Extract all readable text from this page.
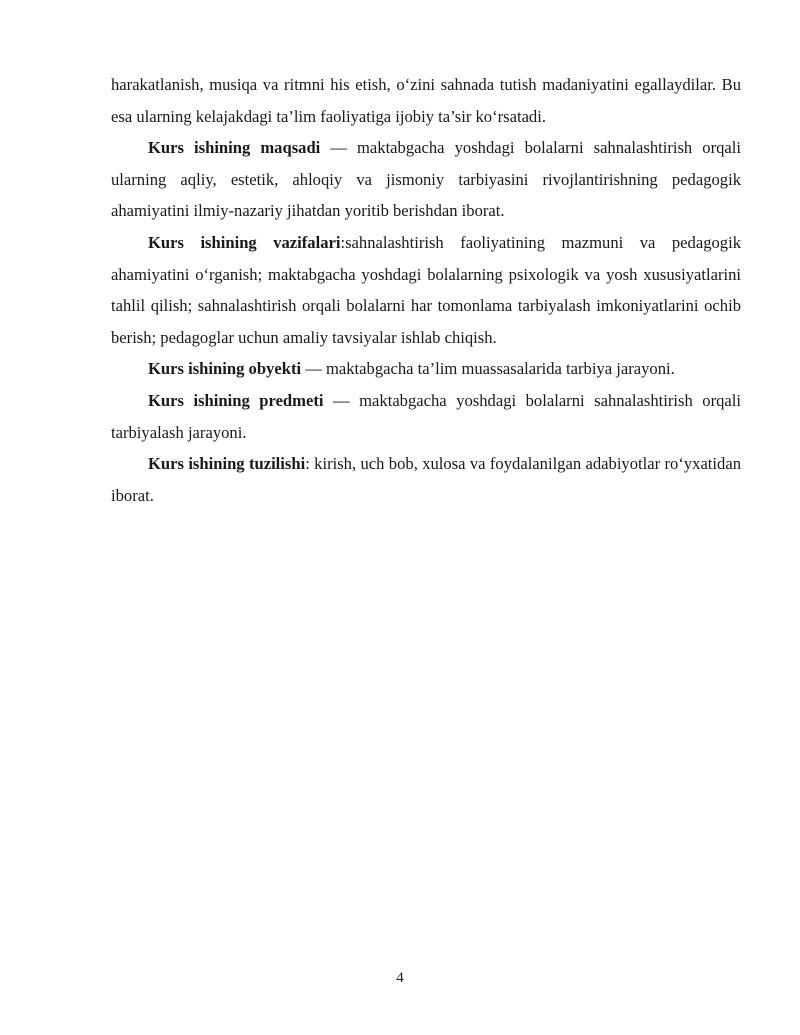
harakatlanish, musiqa va ritmni his etish, o‘zini sahnada tutish madaniyatini egallaydilar. Bu esa ularning kelajakdagi ta’lim faoliyatiga ijobiy ta’sir ko‘rsatadi.

Kurs ishining maqsadi — maktabgacha yoshdagi bolalarni sahnalashtirish orqali ularning aqliy, estetik, ahloqiy va jismoniy tarbiyasini rivojlantirishning pedagogik ahamiyatini ilmiy-nazariy jihatdan yoritib berishdan iborat.

Kurs ishining vazifalari:sahnalashtirish faoliyatining mazmuni va pedagogik ahamiyatini o‘rganish; maktabgacha yoshdagi bolalarning psixologik va yosh xususiyatlarini tahlil qilish; sahnalashtirish orqali bolalarni har tomonlama tarbiyalash imkoniyatlarini ochib berish; pedagoglar uchun amaliy tavsiyalar ishlab chiqish.

Kurs ishining obyekti — maktabgacha ta’lim muassasalarida tarbiya jarayoni.

Kurs ishining predmeti — maktabgacha yoshdagi bolalarni sahnalashtirish orqali tarbiyalash jarayoni.

Kurs ishining tuzilishi: kirish, uch bob, xulosa va foydalanilgan adabiyotlar ro‘yxatidan iborat.

4
